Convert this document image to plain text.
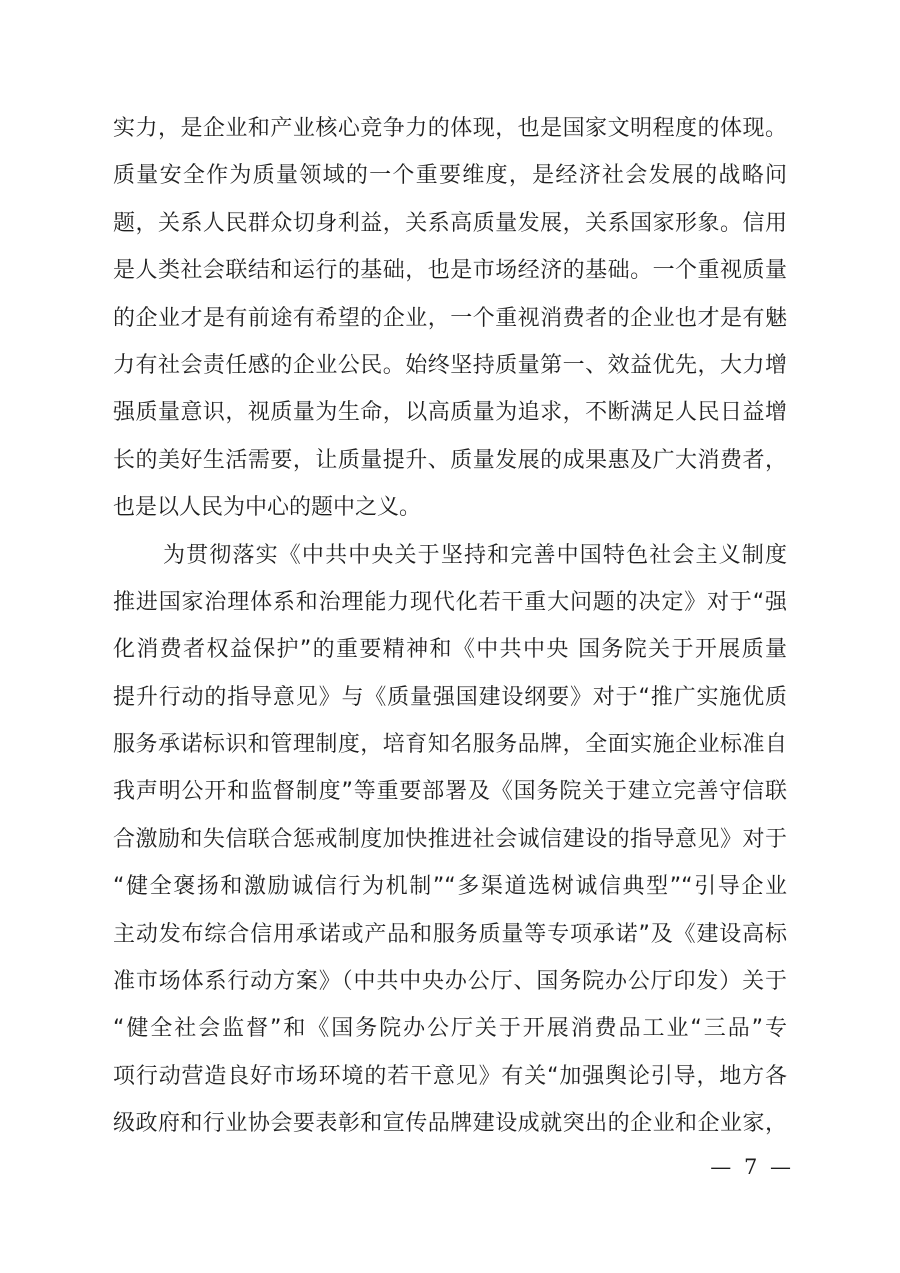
实力，是企业和产业核心竞争力的体现，也是国家文明程度的体现。
质量安全作为质量领域的一个重要维度，是经济社会发展的战略问
题，关系人民群众切身利益，关系高质量发展，关系国家形象。信用
是人类社会联结和运行的基础，也是市场经济的基础。一个重视质量
的企业才是有前途有希望的企业，一个重视消费者的企业也才是有魅
力有社会责任感的企业公民。始终坚持质量第一、效益优先，大力增
强质量意识，视质量为生命，以高质量为追求，不断满足人民日益增
长的美好生活需要，让质量提升、质量发展的成果惠及广大消费者，
也是以人民为中心的题中之义。
为贯彻落实《中共中央关于坚持和完善中国特色社会主义制度
推进国家治理体系和治理能力现代化若干重大问题的决定》对于“强
化消费者权益保护”的重要精神和《中共中央 国务院关于开展质量
提升行动的指导意见》与《质量强国建设纲要》对于“推广实施优质
服务承诺标识和管理制度，培育知名服务品牌，全面实施企业标准自
我声明公开和监督制度”等重要部署及《国务院关于建立完善守信联
合激励和失信联合惩戒制度加快推进社会诚信建设的指导意见》对于
“健全褒扬和激励诚信行为机制”“多渠道选树诚信典型”“引导企业
主动发布综合信用承诺或产品和服务质量等专项承诺”及《建设高标
准市场体系行动方案》（中共中央办公厅、国务院办公厅印发）关于
“健全社会监督”和《国务院办公厅关于开展消费品工业“三品”专
项行动营造良好市场环境的若干意见》有关“加强舆论引导，地方各
级政府和行业协会要表彰和宣传品牌建设成就突出的企业和企业家，
— 7 —
